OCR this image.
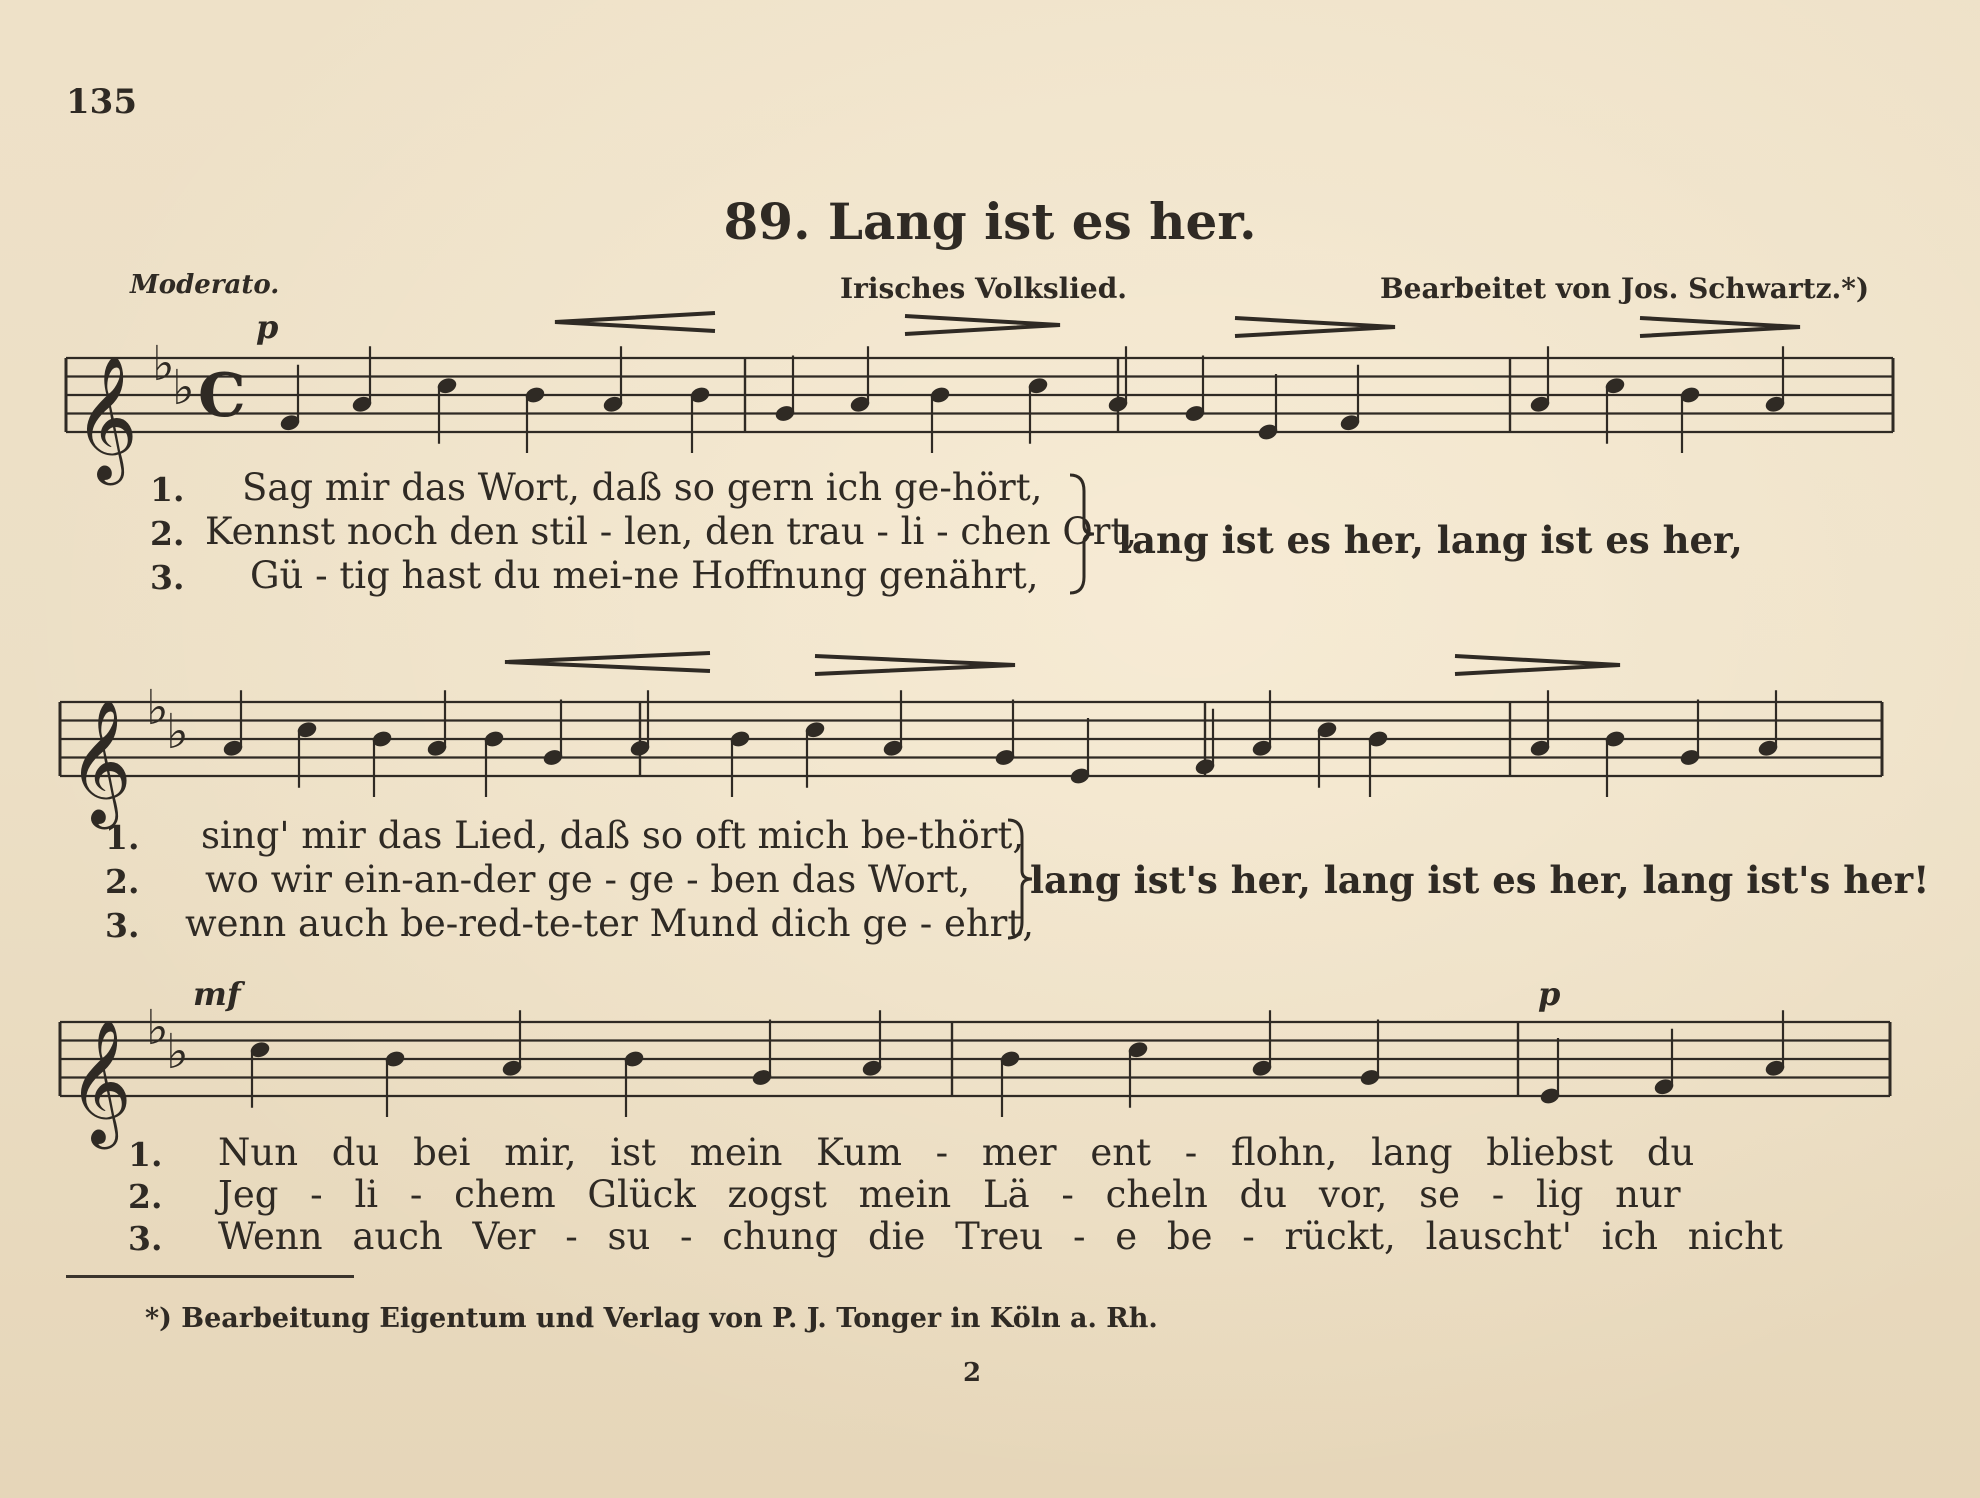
135
89. Lang ist es her.
Moderato.	Irisches Volkslied.	Bearbeitet von Jos. Schwartz.*)
p
mf	p
𝄞 ♭
♭ C
𝄞 ♭
♭
𝄞 ♭
♭
1. Sag mir das Wort, daß so gern ich ge-hört,
2. Kennst noch den stil - len, den trau - li - chen Ort,
3. Gü - tig hast du mei-ne Hoffnung genährt,
lang ist es her, lang ist es her,
1. sing' mir das Lied, daß so oft mich be-thört,
2. wo wir ein-an-der ge - ge - ben das Wort,
3. wenn auch be-red-te-ter Mund dich ge - ehrt,
lang ist's her, lang ist es her, lang ist's her!
1. Nun du bei mir, ist mein Kum - mer ent - flohn, lang bliebst du
2. Jeg - li - chem Glück zogst mein Lä - cheln du vor, se - lig nur
3. Wenn auch Ver - su - chung die Treu - e be - rückt, lauscht' ich nicht
*) Bearbeitung Eigentum und Verlag von P. J. Tonger in Köln a. Rh.
2
